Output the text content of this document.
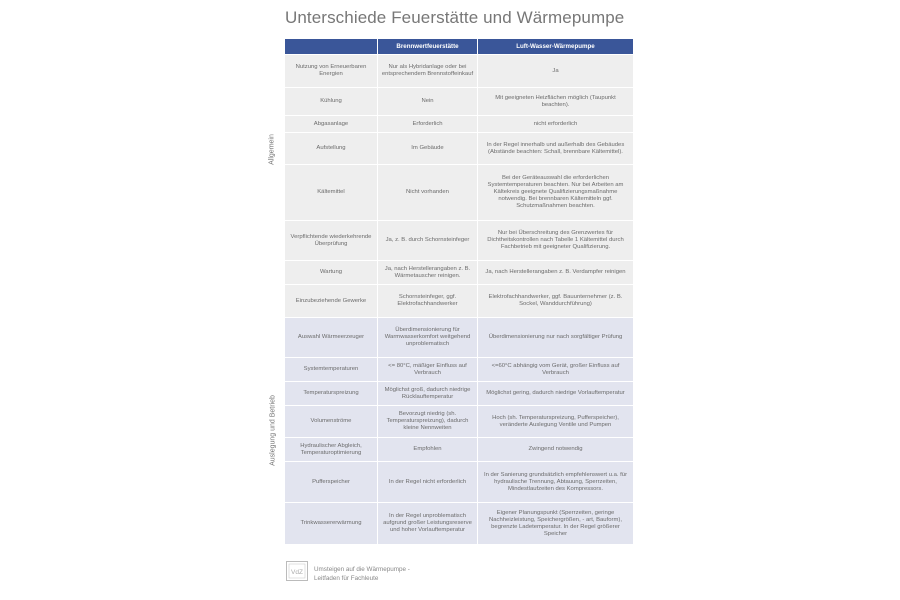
Unterschiede Feuerstätte und Wärmepumpe
Allgemein
Auslegung und Betrieb
	Brennwertfeuerstätte	Luft-Wasser-Wärmepumpe
Nutzung von Erneuerbaren Energien	Nur als Hybridanlage oder bei entsprechendem Brennstoffeinkauf	Ja
Kühlung	Nein	Mit geeigneten Heizflächen möglich (Taupunkt beachten).
Abgasanlage	Erforderlich	nicht erforderlich
Aufstellung	Im Gebäude	In der Regel innerhalb und außerhalb des Gebäudes (Abstände beachten: Schall, brennbare Kältemittel).
Kältemittel	Nicht vorhanden	Bei der Geräteauswahl die erforderlichen Systemtemperaturen beachten. Nur bei Arbeiten am Kältekreis geeignete Qualifizierungsmaßnahme notwendig. Bei brennbaren Kältemitteln ggf. Schutzmaßnahmen beachten.
Verpflichtende wiederkehrende Überprüfung	Ja, z. B. durch Schornsteinfeger	Nur bei Überschreitung des Grenzwertes für Dichtheitskontrollen nach Tabelle 1 Kältemittel durch Fachbetrieb mit geeigneter Qualifizierung.
Wartung	Ja, nach Herstellerangaben z. B. Wärmetauscher reinigen.	Ja, nach Herstellerangaben z. B. Verdampfer reinigen
Einzubeziehende Gewerke	Schornsteinfeger, ggf. Elektrofachhandwerker	Elektrofachhandwerker, ggf. Bauunternehmer (z. B. Sockel, Wanddurchführung)
Auswahl Wärmeerzeuger	Überdimensionierung für Warmwasserkomfort weitgehend unproblematisch	Überdimensionierung nur nach sorgfältiger Prüfung
Systemtemperaturen	<= 80°C, mäßiger Einfluss auf Verbrauch	<=60°C abhängig vom Gerät, großer Einfluss auf Verbrauch
Temperaturspreizung	Möglichst groß, dadurch niedrige Rücklauftemperatur	Möglichst gering, dadurch niedrige Vorlauftemperatur
Volumenströme	Bevorzugt niedrig (sh. Temperaturspreizung), dadurch kleine Nennweiten	Hoch (sh. Temperaturspreizung, Pufferspeicher), veränderte Auslegung Ventile und Pumpen
Hydraulischer Abgleich, Temperaturoptimierung	Empfohlen	Zwingend notwendig
Pufferspeicher	In der Regel nicht erforderlich	In der Sanierung grundsätzlich empfehlenswert u.a. für hydraulische Trennung, Abtauung, Sperrzeiten, Mindestlaufzeiten des Kompressors.
Trinkwassererwärmung	In der Regel unproblematisch aufgrund großer Leistungsreserve und hoher Vorlauftemperatur	Eigener Planungspunkt (Sperrzeiten, geringe Nachheizleistung, Speichergrößen, - art, Bauform), begrenzte Ladetemperatur. In der Regel größerer Speicher
VdZ Umsteigen auf die Wärmepumpe -
Leitfaden für Fachleute
